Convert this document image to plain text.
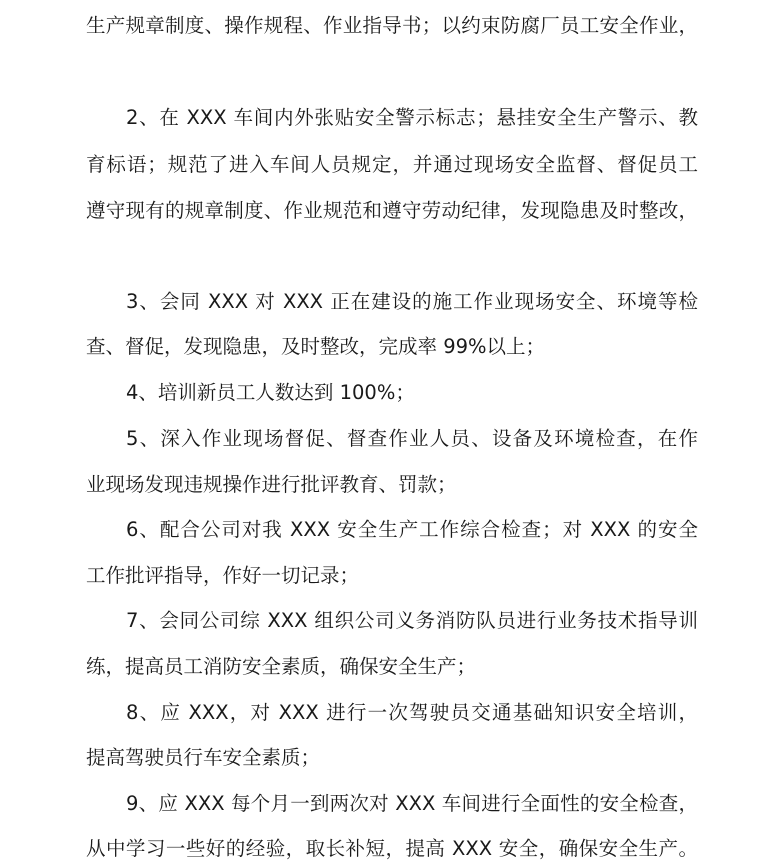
生产规章制度、操作规程、作业指导书；以约束防腐厂员工安全作业，
2、在 XXX 车间内外张贴安全警示标志；悬挂安全生产警示、教
育标语；规范了进入车间人员规定，并通过现场安全监督、督促员工
遵守现有的规章制度、作业规范和遵守劳动纪律，发现隐患及时整改，
3、会同 XXX 对 XXX 正在建设的施工作业现场安全、环境等检
查、督促，发现隐患，及时整改，完成率 99%以上；
4、培训新员工人数达到 100%；
5、深入作业现场督促、督查作业人员、设备及环境检查，在作
业现场发现违规操作进行批评教育、罚款；
6、配合公司对我 XXX 安全生产工作综合检查；对 XXX 的安全
工作批评指导，作好一切记录；
7、会同公司综 XXX 组织公司义务消防队员进行业务技术指导训
练，提高员工消防安全素质，确保安全生产；
8、应 XXX，对 XXX 进行一次驾驶员交通基础知识安全培训，
提高驾驶员行车安全素质；
9、应 XXX 每个月一到两次对 XXX 车间进行全面性的安全检查，
从中学习一些好的经验，取长补短，提高 XXX 安全，确保安全生产。
